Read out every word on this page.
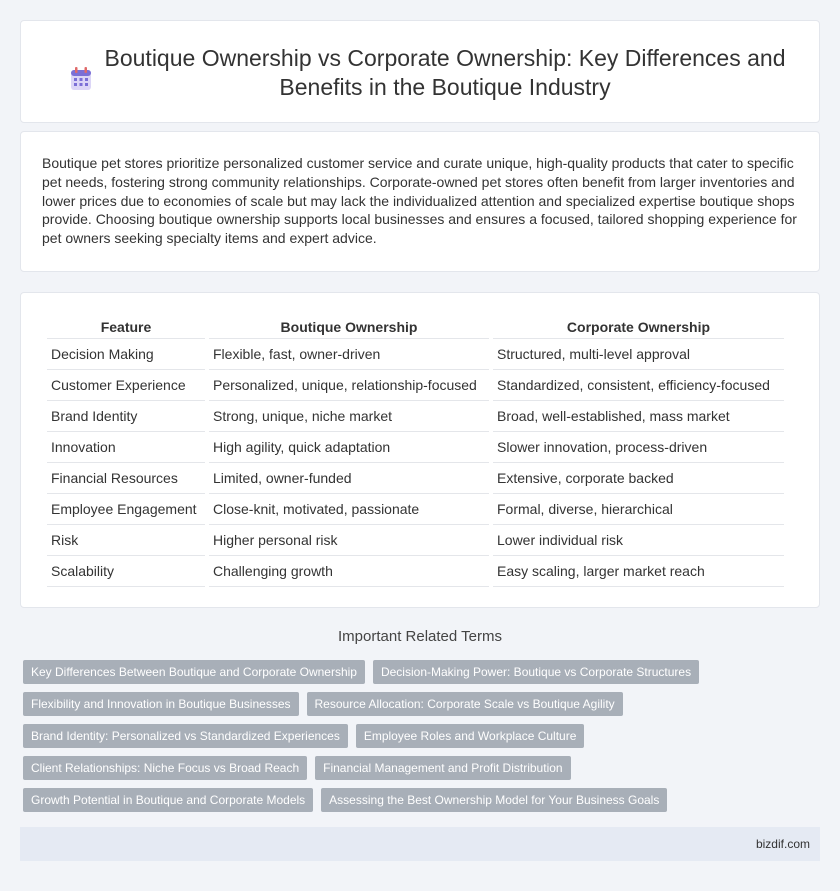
Boutique Ownership vs Corporate Ownership: Key Differences and Benefits in the Boutique Industry

Boutique pet stores prioritize personalized customer service and curate unique, high-quality products that cater to specific pet needs, fostering strong community relationships. Corporate-owned pet stores often benefit from larger inventories and lower prices due to economies of scale but may lack the individualized attention and specialized expertise boutique shops provide. Choosing boutique ownership supports local businesses and ensures a focused, tailored shopping experience for pet owners seeking specialty items and expert advice.

Feature	Boutique Ownership	Corporate Ownership
Decision Making	Flexible, fast, owner-driven	Structured, multi-level approval
Customer Experience	Personalized, unique, relationship-focused	Standardized, consistent, efficiency-focused
Brand Identity	Strong, unique, niche market	Broad, well-established, mass market
Innovation	High agility, quick adaptation	Slower innovation, process-driven
Financial Resources	Limited, owner-funded	Extensive, corporate backed
Employee Engagement	Close-knit, motivated, passionate	Formal, diverse, hierarchical
Risk	Higher personal risk	Lower individual risk
Scalability	Challenging growth	Easy scaling, larger market reach
Important Related Terms
Key Differences Between Boutique and Corporate Ownership	Decision-Making Power: Boutique vs Corporate Structures
Flexibility and Innovation in Boutique Businesses	Resource Allocation: Corporate Scale vs Boutique Agility
Brand Identity: Personalized vs Standardized Experiences	Employee Roles and Workplace Culture
Client Relationships: Niche Focus vs Broad Reach	Financial Management and Profit Distribution
Growth Potential in Boutique and Corporate Models	Assessing the Best Ownership Model for Your Business Goals
bizdif.com
